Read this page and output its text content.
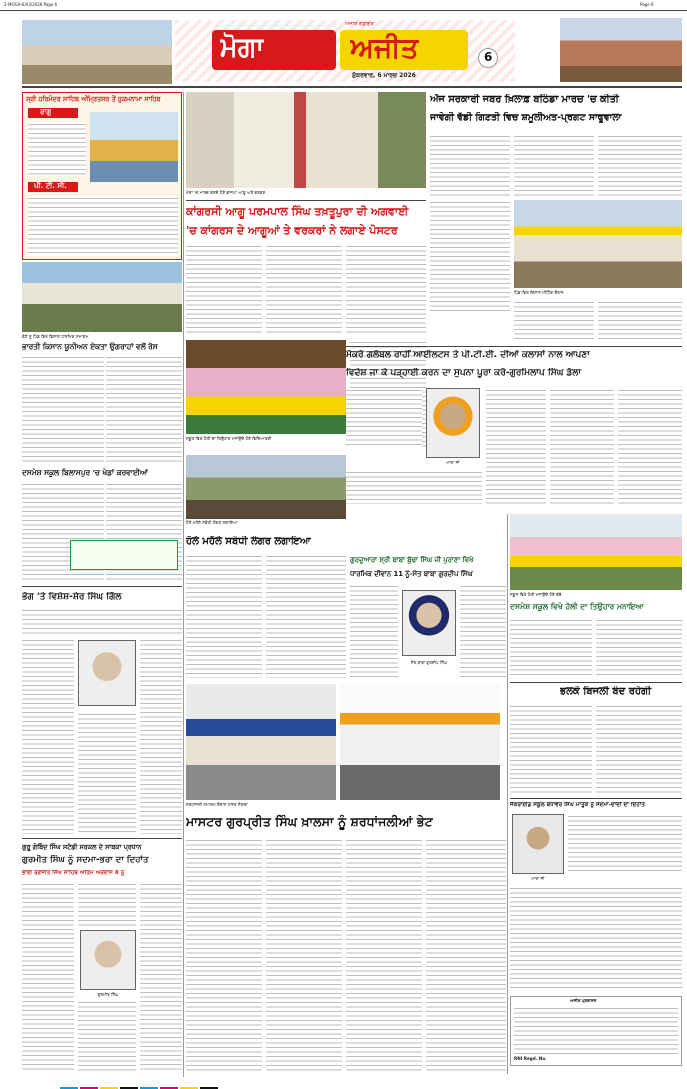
2-MOGA-6/03/2026 Page 6	Page 6
ਮੋਗਾ	ਅਜੀਤ
ਅਜੀਤ ਗੰਡੀਗੜ
ਸ਼ੁੱਕਰਵਾਰ, 6 ਮਾਰਚ 2026
6
ਸ੍ਰੀ ਹਰਿਮੰਦਰ ਸਾਹਿਬ ਅੰਮ੍ਰਿਤਸਰ ਤੋਂ ਹੁਕਮਨਾਮਾ ਸਾਹਿਬ
ਰਾਗੁ
ਪੀ. ਟੀ. ਸੀ.
ਕੋਠੇ ਸੂ ਪਿੰਡ ਵਿਖੇ ਵਿਸ਼ਾਲ ਧਾਰਮਿਕ ਸਮਾਗਮ
ਭਾਰਤੀ ਕਿਸਾਨ ਯੂਨੀਅਨ ਏਕਤਾ ਉਗਰਾਹਾਂ ਵਲੋਂ ਰੋਸ
ਦਸਮੇਸ਼ ਸਕੂਲ ਬਿਲਾਸਪੁਰ 'ਚ ਖੇਡਾਂ ਕਰਵਾਈਆਂ
ਭੋਗ 'ਤੇ ਵਿਸ਼ੇਸ਼-ਸ਼ੇਰ ਸਿੰਘ ਗਿੱਲ
ਗੁਰੂ ਗੋਬਿੰਦ ਸਿੰਘ ਸਟੱਡੀ ਸਰਕਲ ਦੇ ਸਾਬਕਾ ਪ੍ਰਧਾਨ
ਗੁਰਮੀਤ ਸਿੰਘ ਨੂੰ ਸਦਮਾ-ਭਰਾ ਦਾ ਦਿਹਾਂਤ
ਭਾਈ ਰਣਜੀਤ ਸਿੰਘ ਸਾਹਿਬ ਅੰਤਿਮ ਅਰਦਾਸ 8 ਨੂੰ
ਗੁਰਮੀਤ ਸਿੰਘ
ਮੋਗਾ 'ਚ ਮਾਰਚ ਕਰਦੇ ਹੋਏ ਭਾਜਪਾ ਆਗੂ ਅਤੇ ਵਰਕਰ
ਕਾਂਗਰਸੀ ਆਗੂ ਪਰਮਪਾਲ ਸਿੰਘ ਤਖ਼ਤੂਪੁਰਾ ਦੀ ਅਗਵਾਈ
'ਚ ਕਾਂਗਰਸ ਦੇ ਆਗੂਆਂ ਤੇ ਵਰਕਰਾਂ ਨੇ ਲਗਾਏ ਪੋਸਟਰ
ਸਕੂਲ ਵਿਖੇ ਹੋਲੀ ਦਾ ਤਿਉਹਾਰ ਮਨਾਉਂਦੇ ਹੋਏ ਵਿਦਿਆਰਥੀ
ਹੋਲੇ ਮਹੱਲੇ ਸਬੰਧੀ ਲੰਗਰ ਲਗਾਇਆ
ਹੋਲੇ ਮਹੱਲੇ ਸਬੰਧੀ ਲੰਗਰ ਲਗਾਇਆ
ਗੁਰਦੁਆਰਾ ਸ਼੍ਰੀ ਬਾਬਾ ਬੁੱਢਾ ਸਿੰਘ ਜੀ ਪੁਰਾਣਾ ਵਿਖੇ
ਧਾਰਮਿਕ ਦੀਵਾਨ 11 ਨੂੰ-ਸੰਤ ਬਾਬਾ ਗੁਰਦੀਪ ਸਿੰਘ
ਸੰਤ ਬਾਬਾ ਗੁਰਦੀਪ ਸਿੰਘ
ਸ਼ਰਧਾਂਜਲੀ ਸਮਾਗਮ ਦੌਰਾਨ ਹਾਜ਼ਰ ਸੰਗਤਾਂ
ਮਾਸਟਰ ਗੁਰਪ੍ਰੀਤ ਸਿੰਘ ਖ਼ਾਲਸਾ ਨੂੰ ਸ਼ਰਧਾਂਜਲੀਆਂ ਭੇਟ
ਅੱਜ ਸਰਕਾਰੀ ਜਬਰ ਖ਼ਿਲਾਫ਼ ਬਠਿੰਡਾ ਮਾਰਚ 'ਚ ਕੀਤੀ
ਜਾਵੇਗੀ ਵੱਡੀ ਗਿਣਤੀ ਵਿਚ ਸ਼ਮੂਲੀਅਤ-ਪ੍ਰਗਟ ਸਾਫੂਵਾਲਾ
ਪਿੰਡ ਵਿਖੇ ਕਿਸਾਨ ਮੀਟਿੰਗ ਦੌਰਾਨ
ਮੈਕਰੋ ਗਲੋਬਲ ਰਾਹੀਂ ਆਈਲਟਸ ਤੇ ਪੀ.ਟੀ.ਈ. ਦੀਆਂ ਕਲਾਸਾਂ ਨਾਲ ਆਪਣਾ
ਵਿਦੇਸ਼ ਜਾ ਕੇ ਪੜ੍ਹਾਈ ਕਰਨ ਦਾ ਸੁਪਨਾ ਪੂਰਾ ਕਰੋ-ਗੁਰਮਿਲਾਪ ਸਿੰਘ ਡੱਲਾ
ਮਾਤਾ ਜੀ
ਸਕੂਲ ਵਿਖੇ ਹੋਲੀ ਮਨਾਉਂਦੇ ਹੋਏ ਬੱਚੇ
ਦਸਮੇਸ਼ ਸਕੂਲ ਵਿਖੇ ਹੋਲੀ ਦਾ ਤਿਉਹਾਰ ਮਨਾਇਆ
ਭਲਕੇ ਬਿਜਲੀ ਬੰਦ ਰਹੇਗੀ
ਜੈਕਰਾਈਡ ਸਕੂਲ ਬਧਾਵਰ ਸਿੰਘ ਮਾਤੂਕੇ ਨੂੰ ਸਦਮਾ-ਦਾਦੀ ਦਾ ਦਿਹਾਂਤ
ਮਾਤਾ ਜੀ
ਅਜੀਤ ਪ੍ਰਕਾਸ਼ਨ
RNI Regd. No.
